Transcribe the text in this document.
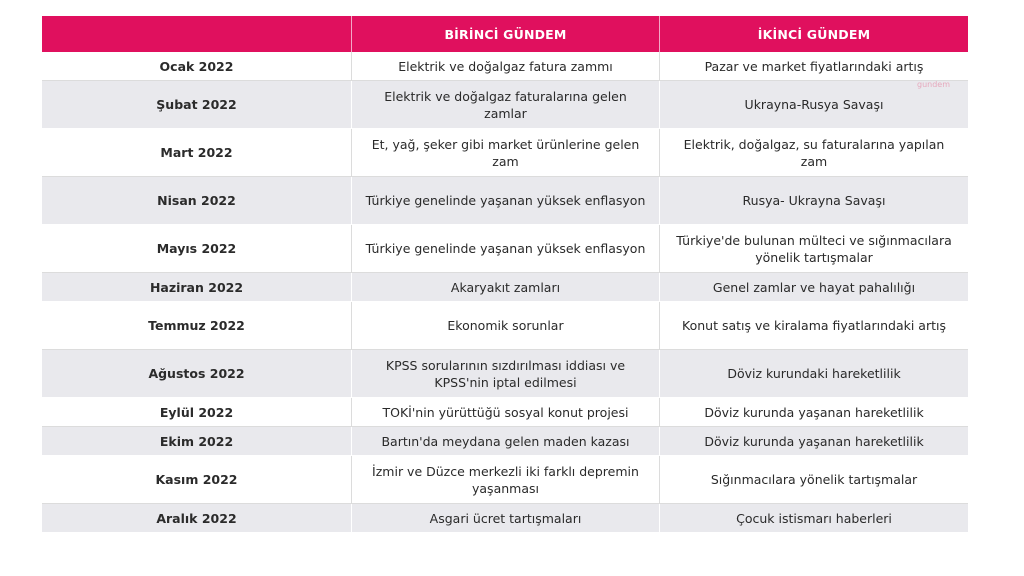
	BİRİNCİ GÜNDEM	İKİNCİ GÜNDEM
Ocak 2022	Elektrik ve doğalgaz fatura zammı	Pazar ve market fiyatlarındaki artış
Şubat 2022	Elektrik ve doğalgaz faturalarına gelen zamlar	Ukrayna-Rusya Savaşı
Mart 2022	Et, yağ, şeker gibi market ürünlerine gelen zam	Elektrik, doğalgaz, su faturalarına yapılan zam
Nisan 2022	Türkiye genelinde yaşanan yüksek enflasyon	Rusya- Ukrayna Savaşı
Mayıs 2022	Türkiye genelinde yaşanan yüksek enflasyon	Türkiye'de bulunan mülteci ve sığınmacılara yönelik tartışmalar
Haziran 2022	Akaryakıt zamları	Genel zamlar ve hayat pahalılığı
Temmuz 2022	Ekonomik sorunlar	Konut satış ve kiralama fiyatlarındaki artış
Ağustos 2022	KPSS sorularının sızdırılması iddiası ve KPSS'nin iptal edilmesi	Döviz kurundaki hareketlilik
Eylül 2022	TOKİ'nin yürüttüğü sosyal konut projesi	Döviz kurunda yaşanan hareketlilik
Ekim 2022	Bartın'da meydana gelen maden kazası	Döviz kurunda yaşanan hareketlilik
Kasım 2022	İzmir ve Düzce merkezli iki farklı depremin yaşanması	Sığınmacılara yönelik tartışmalar
Aralık 2022	Asgari ücret tartışmaları	Çocuk istismarı haberleri
gundem
